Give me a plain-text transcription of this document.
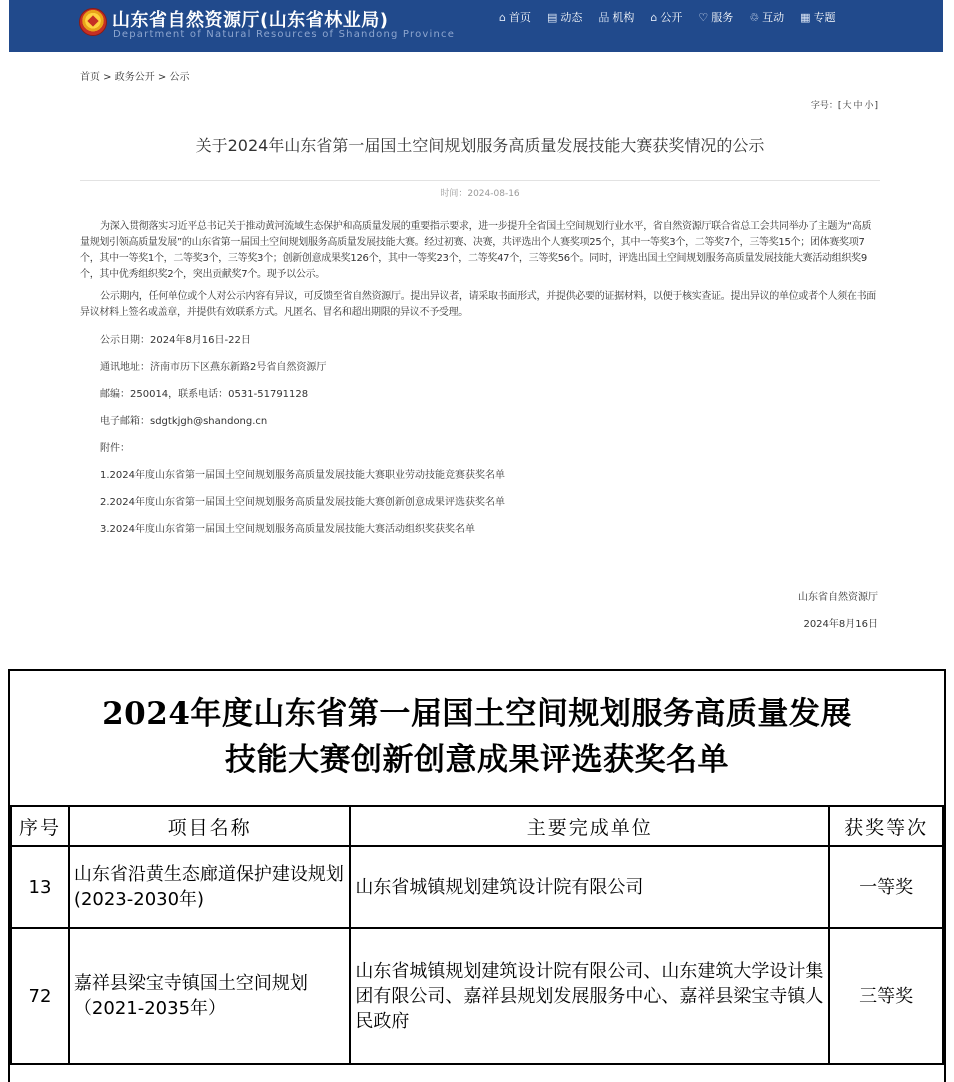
山东省自然资源厅(山东省林业局)
Department of Natural Resources of Shandong Province
⌂ 首页 ▤ 动态 品 机构 ⌂ 公开 ♡ 服务 ♲ 互动 ▦ 专题
首页 > 政务公开 > 公示
字号：[大 中 小]
关于2024年山东省第一届国土空间规划服务高质量发展技能大赛获奖情况的公示
时间：2024-08-16

为深入贯彻落实习近平总书记关于推动黄河流域生态保护和高质量发展的重要指示要求，进一步提升全省国土空间规划行业水平，省自然资源厅联合省总工会共同举办了主题为“高质量规划引领高质量发展”的山东省第一届国土空间规划服务高质量发展技能大赛。经过初赛、决赛，共评选出个人赛奖项25个，其中一等奖3个，二等奖7个，三等奖15个；团体赛奖项7个，其中一等奖1个，二等奖3个，三等奖3个；创新创意成果奖126个，其中一等奖23个，二等奖47个，三等奖56个。同时，评选出国土空间规划服务高质量发展技能大赛活动组织奖9个，其中优秀组织奖2个，突出贡献奖7个。现予以公示。

公示期内，任何单位或个人对公示内容有异议，可反馈至省自然资源厅。提出异议者，请采取书面形式，并提供必要的证据材料，以便于核实查证。提出异议的单位或者个人须在书面异议材料上签名或盖章，并提供有效联系方式。凡匿名、冒名和超出期限的异议不予受理。

公示日期：2024年8月16日-22日

通讯地址：济南市历下区燕东新路2号省自然资源厅

邮编：250014，联系电话：0531-51791128

电子邮箱：sdgtkjgh@shandong.cn

附件：

1.2024年度山东省第一届国土空间规划服务高质量发展技能大赛职业劳动技能竞赛获奖名单

2.2024年度山东省第一届国土空间规划服务高质量发展技能大赛创新创意成果评选获奖名单

3.2024年度山东省第一届国土空间规划服务高质量发展技能大赛活动组织奖获奖名单

山东省自然资源厅
2024年8月16日
2024年度山东省第一届国土空间规划服务高质量发展
技能大赛创新创意成果评选获奖名单
序号	项目名称	主要完成单位	获奖等次
13	山东省沿黄生态廊道保护建设规划(2023-2030年)	山东省城镇规划建筑设计院有限公司	一等奖
72	嘉祥县梁宝寺镇国土空间规划（2021-2035年）	山东省城镇规划建筑设计院有限公司、山东建筑大学设计集团有限公司、嘉祥县规划发展服务中心、嘉祥县梁宝寺镇人民政府	三等奖
